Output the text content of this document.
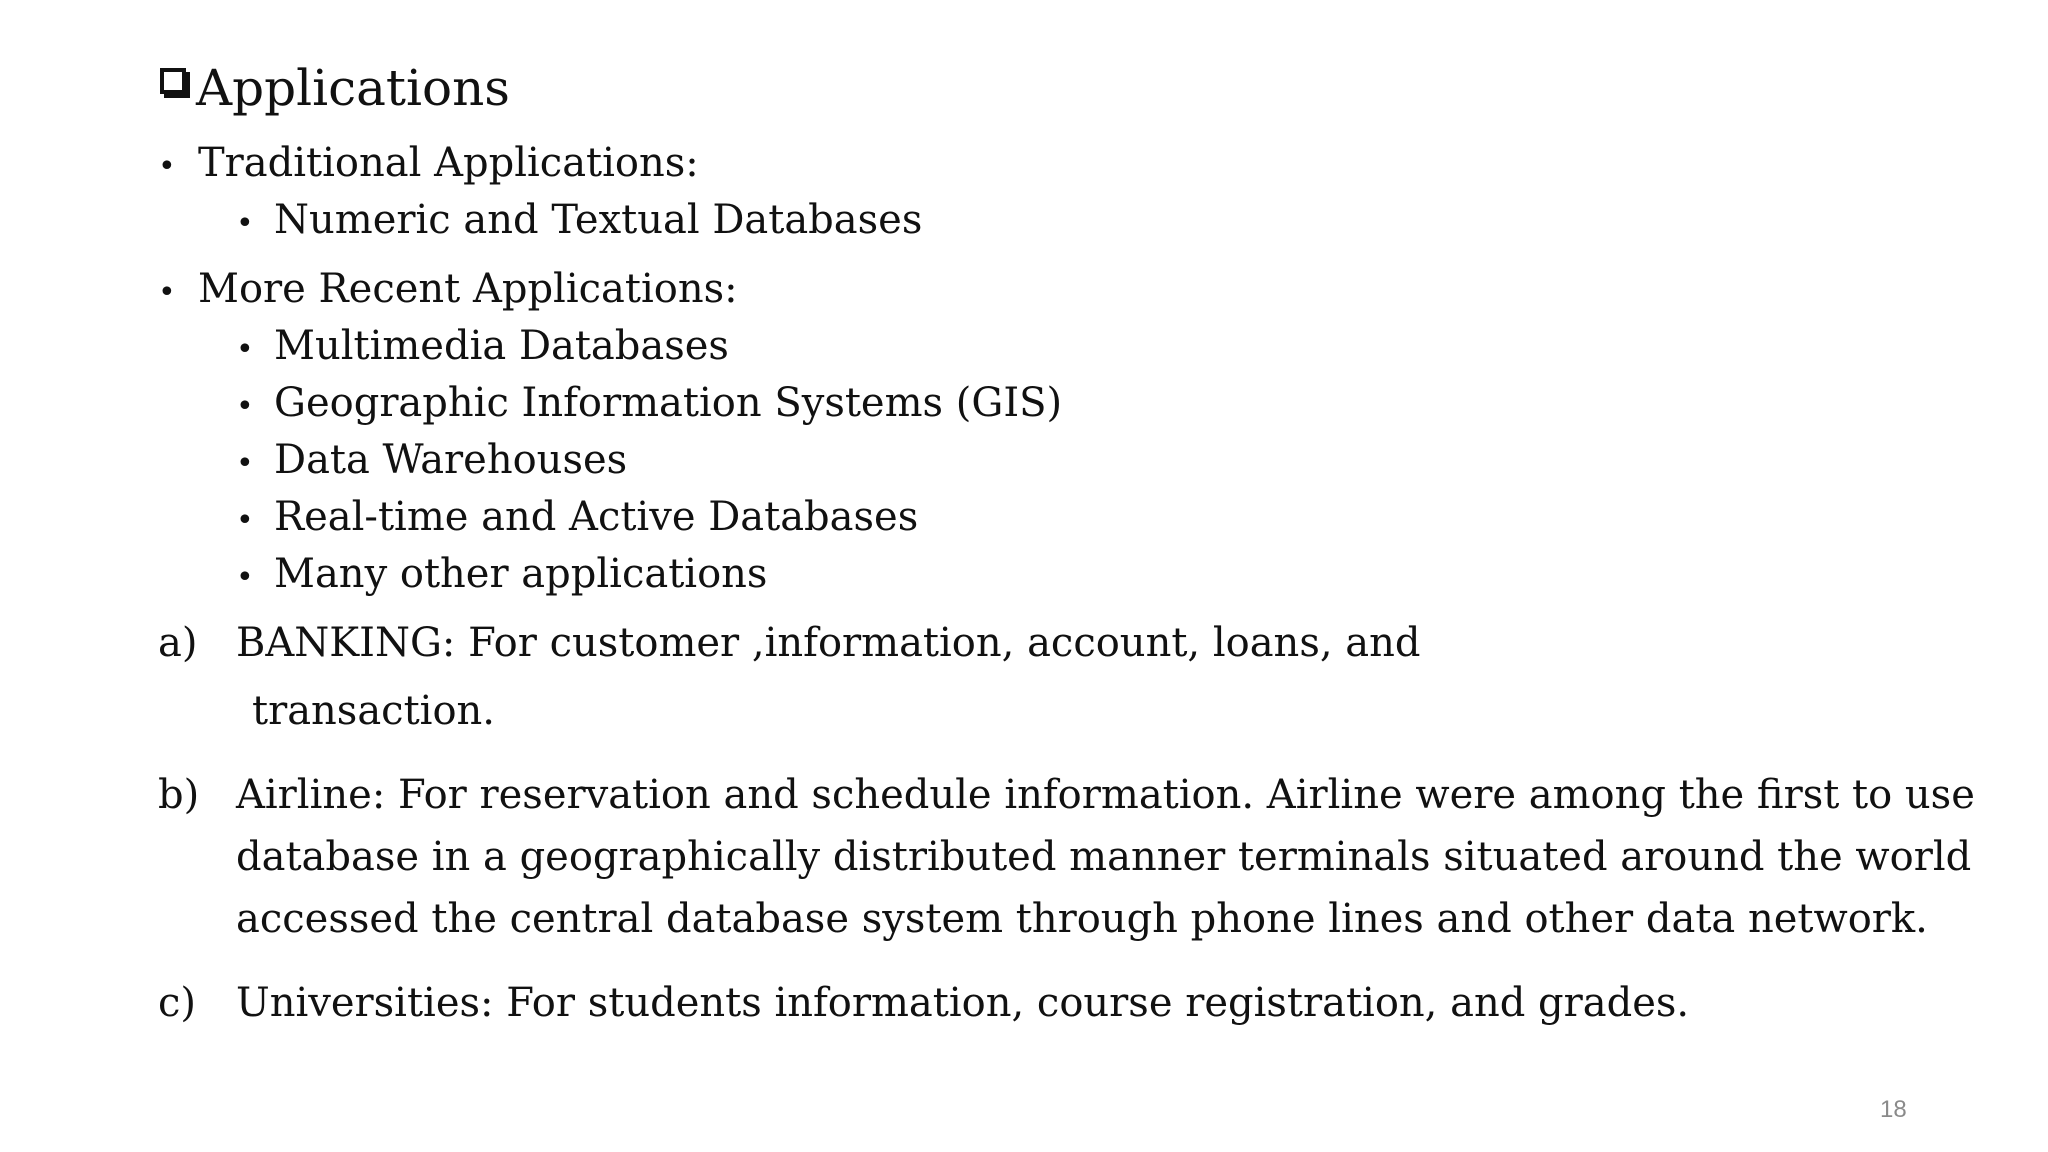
Applications
• Traditional Applications:
• Numeric and Textual Databases
• More Recent Applications:
• Multimedia Databases
• Geographic Information Systems (GIS)
• Data Warehouses
• Real-time and Active Databases
• Many other applications
a) BANKING: For customer ,information, account, loans, and
transaction.
b) Airline: For reservation and schedule information. Airline were among the first to use
database in a geographically distributed manner terminals situated around the world
accessed the central database system through phone lines and other data network.
c) Universities: For students information, course registration, and grades.
18
